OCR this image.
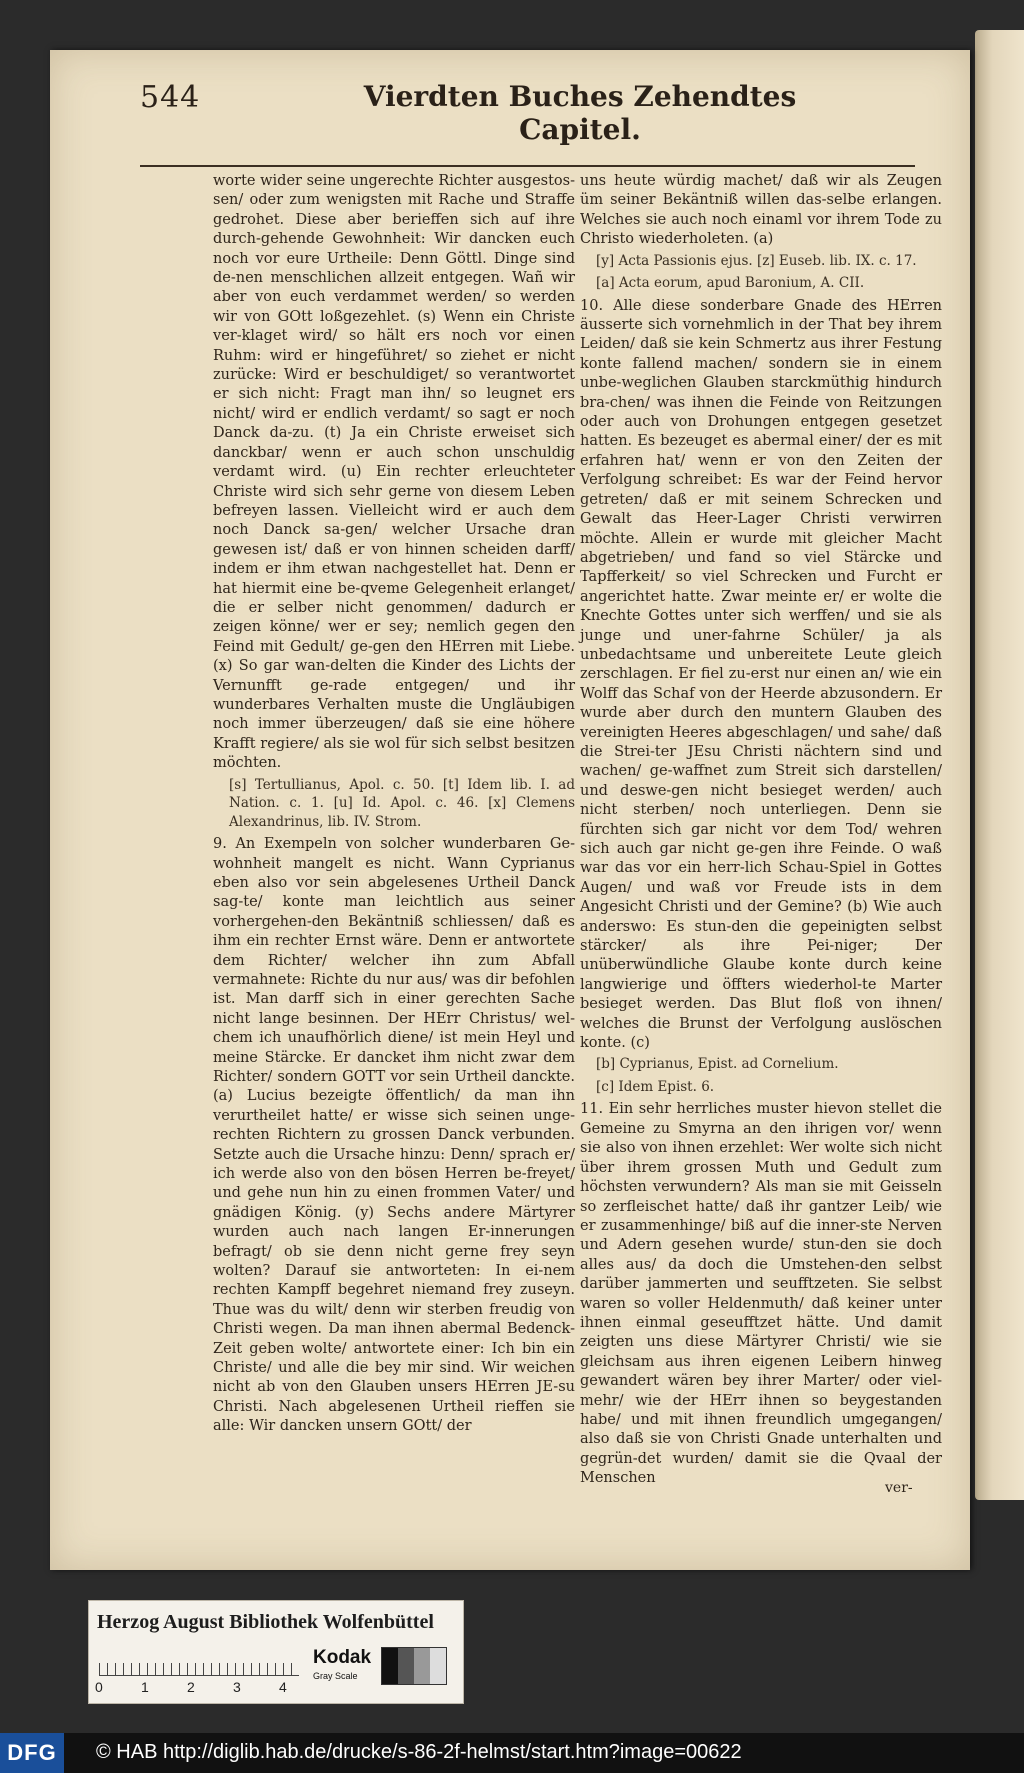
544	Vierdten Buches Zehendtes Capitel.

worte wider seine ungerechte Richter ausgestos-sen/ oder zum wenigsten mit Rache und Straffe gedrohet. Diese aber berieffen sich auf ihre durch-gehende Gewohnheit: Wir dancken euch noch vor eure Urtheile: Denn Göttl. Dinge sind de-nen menschlichen allzeit entgegen. Wañ wir aber von euch verdammet werden/ so werden wir von GOtt loßgezehlet. (s) Wenn ein Christe ver-klaget wird/ so hält ers noch vor einen Ruhm: wird er hingeführet/ so ziehet er nicht zurücke: Wird er beschuldiget/ so verantwortet er sich nicht: Fragt man ihn/ so leugnet ers nicht/ wird er endlich verdamt/ so sagt er noch Danck da-zu. (t) Ja ein Christe erweiset sich danckbar/ wenn er auch schon unschuldig verdamt wird. (u) Ein rechter erleuchteter Christe wird sich sehr gerne von diesem Leben befreyen lassen. Vielleicht wird er auch dem noch Danck sa-gen/ welcher Ursache dran gewesen ist/ daß er von hinnen scheiden darff/ indem er ihm etwan nachgestellet hat. Denn er hat hiermit eine be-qveme Gelegenheit erlanget/ die er selber nicht genommen/ dadurch er zeigen könne/ wer er sey; nemlich gegen den Feind mit Gedult/ ge-gen den HErren mit Liebe. (x) So gar wan-delten die Kinder des Lichts der Vernunfft ge-rade entgegen/ und ihr wunderbares Verhalten muste die Ungläubigen noch immer überzeugen/ daß sie eine höhere Krafft regiere/ als sie wol für sich selbst besitzen möchten.

[s] Tertullianus, Apol. c. 50. [t] Idem lib. I. ad Nation. c. 1. [u] Id. Apol. c. 46. [x] Clemens Alexandrinus, lib. IV. Strom.

9. An Exempeln von solcher wunderbaren Ge-wohnheit mangelt es nicht. Wann Cyprianus eben also vor sein abgelesenes Urtheil Danck sag-te/ konte man leichtlich aus seiner vorhergehen-den Bekäntniß schliessen/ daß es ihm ein rechter Ernst wäre. Denn er antwortete dem Richter/ welcher ihn zum Abfall vermahnete: Richte du nur aus/ was dir befohlen ist. Man darff sich in einer gerechten Sache nicht lange besinnen. Der HErr Christus/ wel-chem ich unaufhörlich diene/ ist mein Heyl und meine Stärcke. Er dancket ihm nicht zwar dem Richter/ sondern GOTT vor sein Urtheil danckte. (a) Lucius bezeigte öffentlich/ da man ihn verurtheilet hatte/ er wisse sich seinen unge-rechten Richtern zu grossen Danck verbunden. Setzte auch die Ursache hinzu: Denn/ sprach er/ ich werde also von den bösen Herren be-freyet/ und gehe nun hin zu einen frommen Vater/ und gnädigen König. (y) Sechs andere Märtyrer wurden auch nach langen Er-innerungen befragt/ ob sie denn nicht gerne frey seyn wolten? Darauf sie antworteten: In ei-nem rechten Kampff begehret niemand frey zuseyn. Thue was du wilt/ denn wir sterben freudig von Christi wegen. Da man ihnen abermal Bedenck-Zeit geben wolte/ antwortete einer: Ich bin ein Christe/ und alle die bey mir sind. Wir weichen nicht ab von den Glauben unsers HErren JE-su Christi. Nach abgelesenen Urtheil rieffen sie alle: Wir dancken unsern GOtt/ der

uns heute würdig machet/ daß wir als Zeugen üm seiner Bekäntniß willen das-selbe erlangen. Welches sie auch noch einaml vor ihrem Tode zu Christo wiederholeten. (a)

[y] Acta Passionis ejus. [z] Euseb. lib. IX. c. 17.

[a] Acta eorum, apud Baronium, A. CII.

10. Alle diese sonderbare Gnade des HErren äusserte sich vornehmlich in der That bey ihrem Leiden/ daß sie kein Schmertz aus ihrer Festung konte fallend machen/ sondern sie in einem unbe-weglichen Glauben starckmüthig hindurch bra-chen/ was ihnen die Feinde von Reitzungen oder auch von Drohungen entgegen gesetzet hatten. Es bezeuget es abermal einer/ der es mit erfahren hat/ wenn er von den Zeiten der Verfolgung schreibet: Es war der Feind hervor getreten/ daß er mit seinem Schrecken und Gewalt das Heer-Lager Christi verwirren möchte. Allein er wurde mit gleicher Macht abgetrieben/ und fand so viel Stärcke und Tapfferkeit/ so viel Schrecken und Furcht er angerichtet hatte. Zwar meinte er/ er wolte die Knechte Gottes unter sich werffen/ und sie als junge und uner-fahrne Schüler/ ja als unbedachtsame und unbereitete Leute gleich zerschlagen. Er fiel zu-erst nur einen an/ wie ein Wolff das Schaf von der Heerde abzusondern. Er wurde aber durch den muntern Glauben des vereinigten Heeres abgeschlagen/ und sahe/ daß die Strei-ter JEsu Christi nächtern sind und wachen/ ge-waffnet zum Streit sich darstellen/ und deswe-gen nicht besieget werden/ auch nicht sterben/ noch unterliegen. Denn sie fürchten sich gar nicht vor dem Tod/ wehren sich auch gar nicht ge-gen ihre Feinde. O waß war das vor ein herr-lich Schau-Spiel in Gottes Augen/ und waß vor Freude ists in dem Angesicht Christi und der Gemine? (b) Wie auch anderswo: Es stun-den die gepeinigten selbst stärcker/ als ihre Pei-niger; Der unüberwündliche Glaube konte durch keine langwierige und öffters wiederhol-te Marter besieget werden. Das Blut floß von ihnen/ welches die Brunst der Verfolgung auslöschen konte. (c)

[b] Cyprianus, Epist. ad Cornelium.

[c] Idem Epist. 6.

11. Ein sehr herrliches muster hievon stellet die Gemeine zu Smyrna an den ihrigen vor/ wenn sie also von ihnen erzehlet: Wer wolte sich nicht über ihrem grossen Muth und Gedult zum höchsten verwundern? Als man sie mit Geisseln so zerfleischet hatte/ daß ihr gantzer Leib/ wie er zusammenhinge/ biß auf die inner-ste Nerven und Adern gesehen wurde/ stun-den sie doch alles aus/ da doch die Umstehen-den selbst darüber jammerten und seufftzeten. Sie selbst waren so voller Heldenmuth/ daß keiner unter ihnen einmal geseufftzet hätte. Und damit zeigten uns diese Märtyrer Christi/ wie sie gleichsam aus ihren eigenen Leibern hinweg gewandert wären bey ihrer Marter/ oder viel-mehr/ wie der HErr ihnen so beygestanden habe/ und mit ihnen freundlich umgegangen/ also daß sie von Christi Gnade unterhalten und gegrün-det wurden/ damit sie die Qvaal der Menschen

ver-
Herzog August Bibliothek Wolfenbüttel
0	1	2	3	4
Kodak
Gray Scale
DFG	© HAB http://diglib.hab.de/drucke/s-86-2f-helmst/start.htm?image=00622
